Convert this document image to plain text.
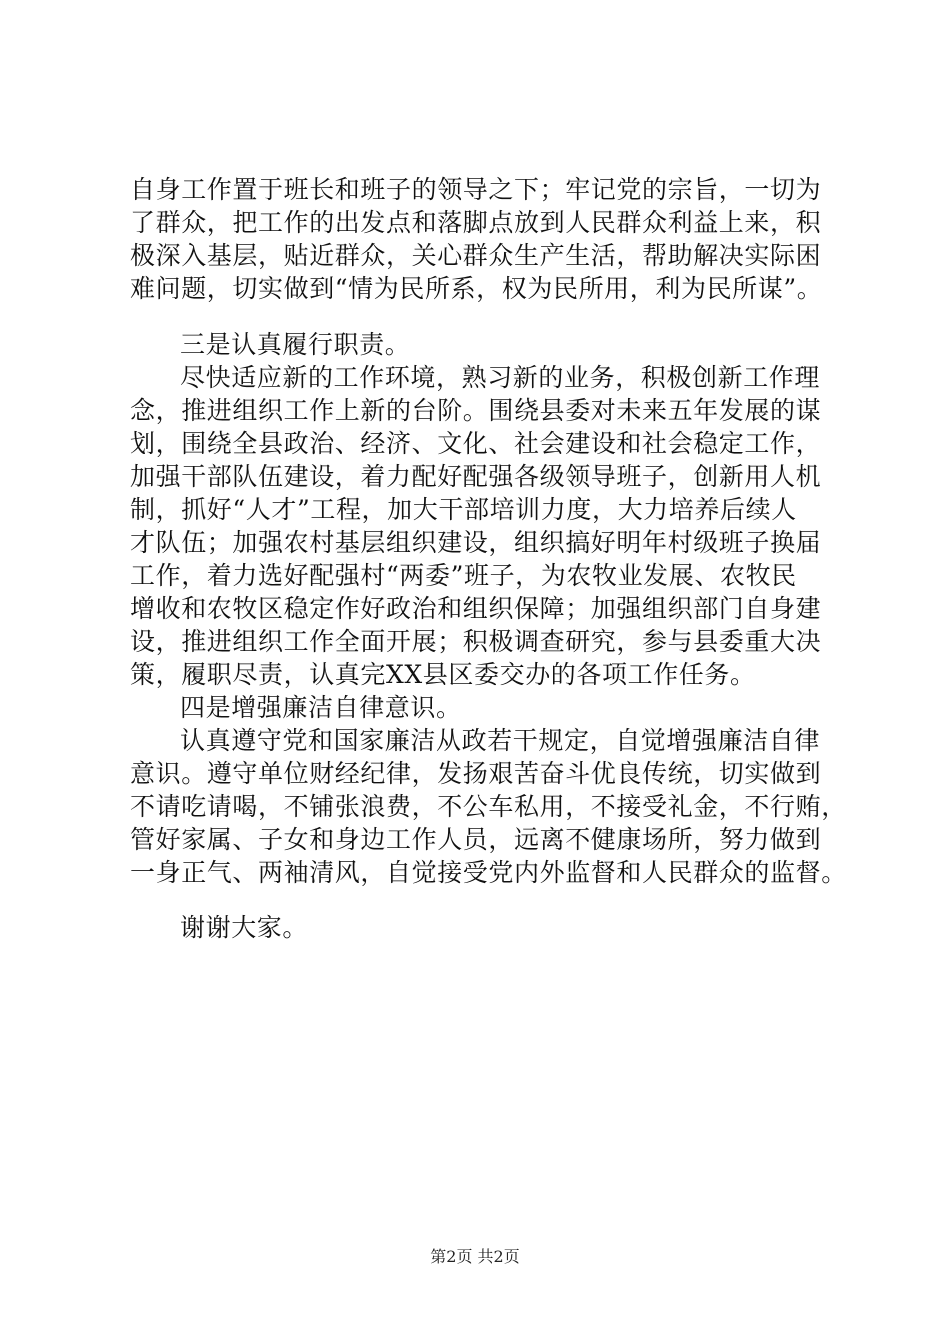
自身工作置于班长和班子的领导之下；牢记党的宗旨，一切为
了群众，把工作的出发点和落脚点放到人民群众利益上来，积
极深入基层，贴近群众，关心群众生产生活，帮助解决实际困
难问题，切实做到“情为民所系，权为民所用，利为民所谋”。
三是认真履行职责。
尽快适应新的工作环境，熟习新的业务，积极创新工作理
念，推进组织工作上新的台阶。围绕县委对未来五年发展的谋
划，围绕全县政治、经济、文化、社会建设和社会稳定工作，
加强干部队伍建设，着力配好配强各级领导班子，创新用人机
制，抓好“人才”工程，加大干部培训力度，大力培养后续人
才队伍；加强农村基层组织建设，组织搞好明年村级班子换届
工作，着力选好配强村“两委”班子，为农牧业发展、农牧民
增收和农牧区稳定作好政治和组织保障；加强组织部门自身建
设，推进组织工作全面开展；积极调查研究，参与县委重大决
策，履职尽责，认真完XX县区委交办的各项工作任务。
四是增强廉洁自律意识。
认真遵守党和国家廉洁从政若干规定，自觉增强廉洁自律
意识。遵守单位财经纪律，发扬艰苦奋斗优良传统，切实做到
不请吃请喝，不铺张浪费，不公车私用，不接受礼金，不行贿，
管好家属、子女和身边工作人员，远离不健康场所，努力做到
一身正气、两袖清风，自觉接受党内外监督和人民群众的监督。
谢谢大家。
第2页 共2页
